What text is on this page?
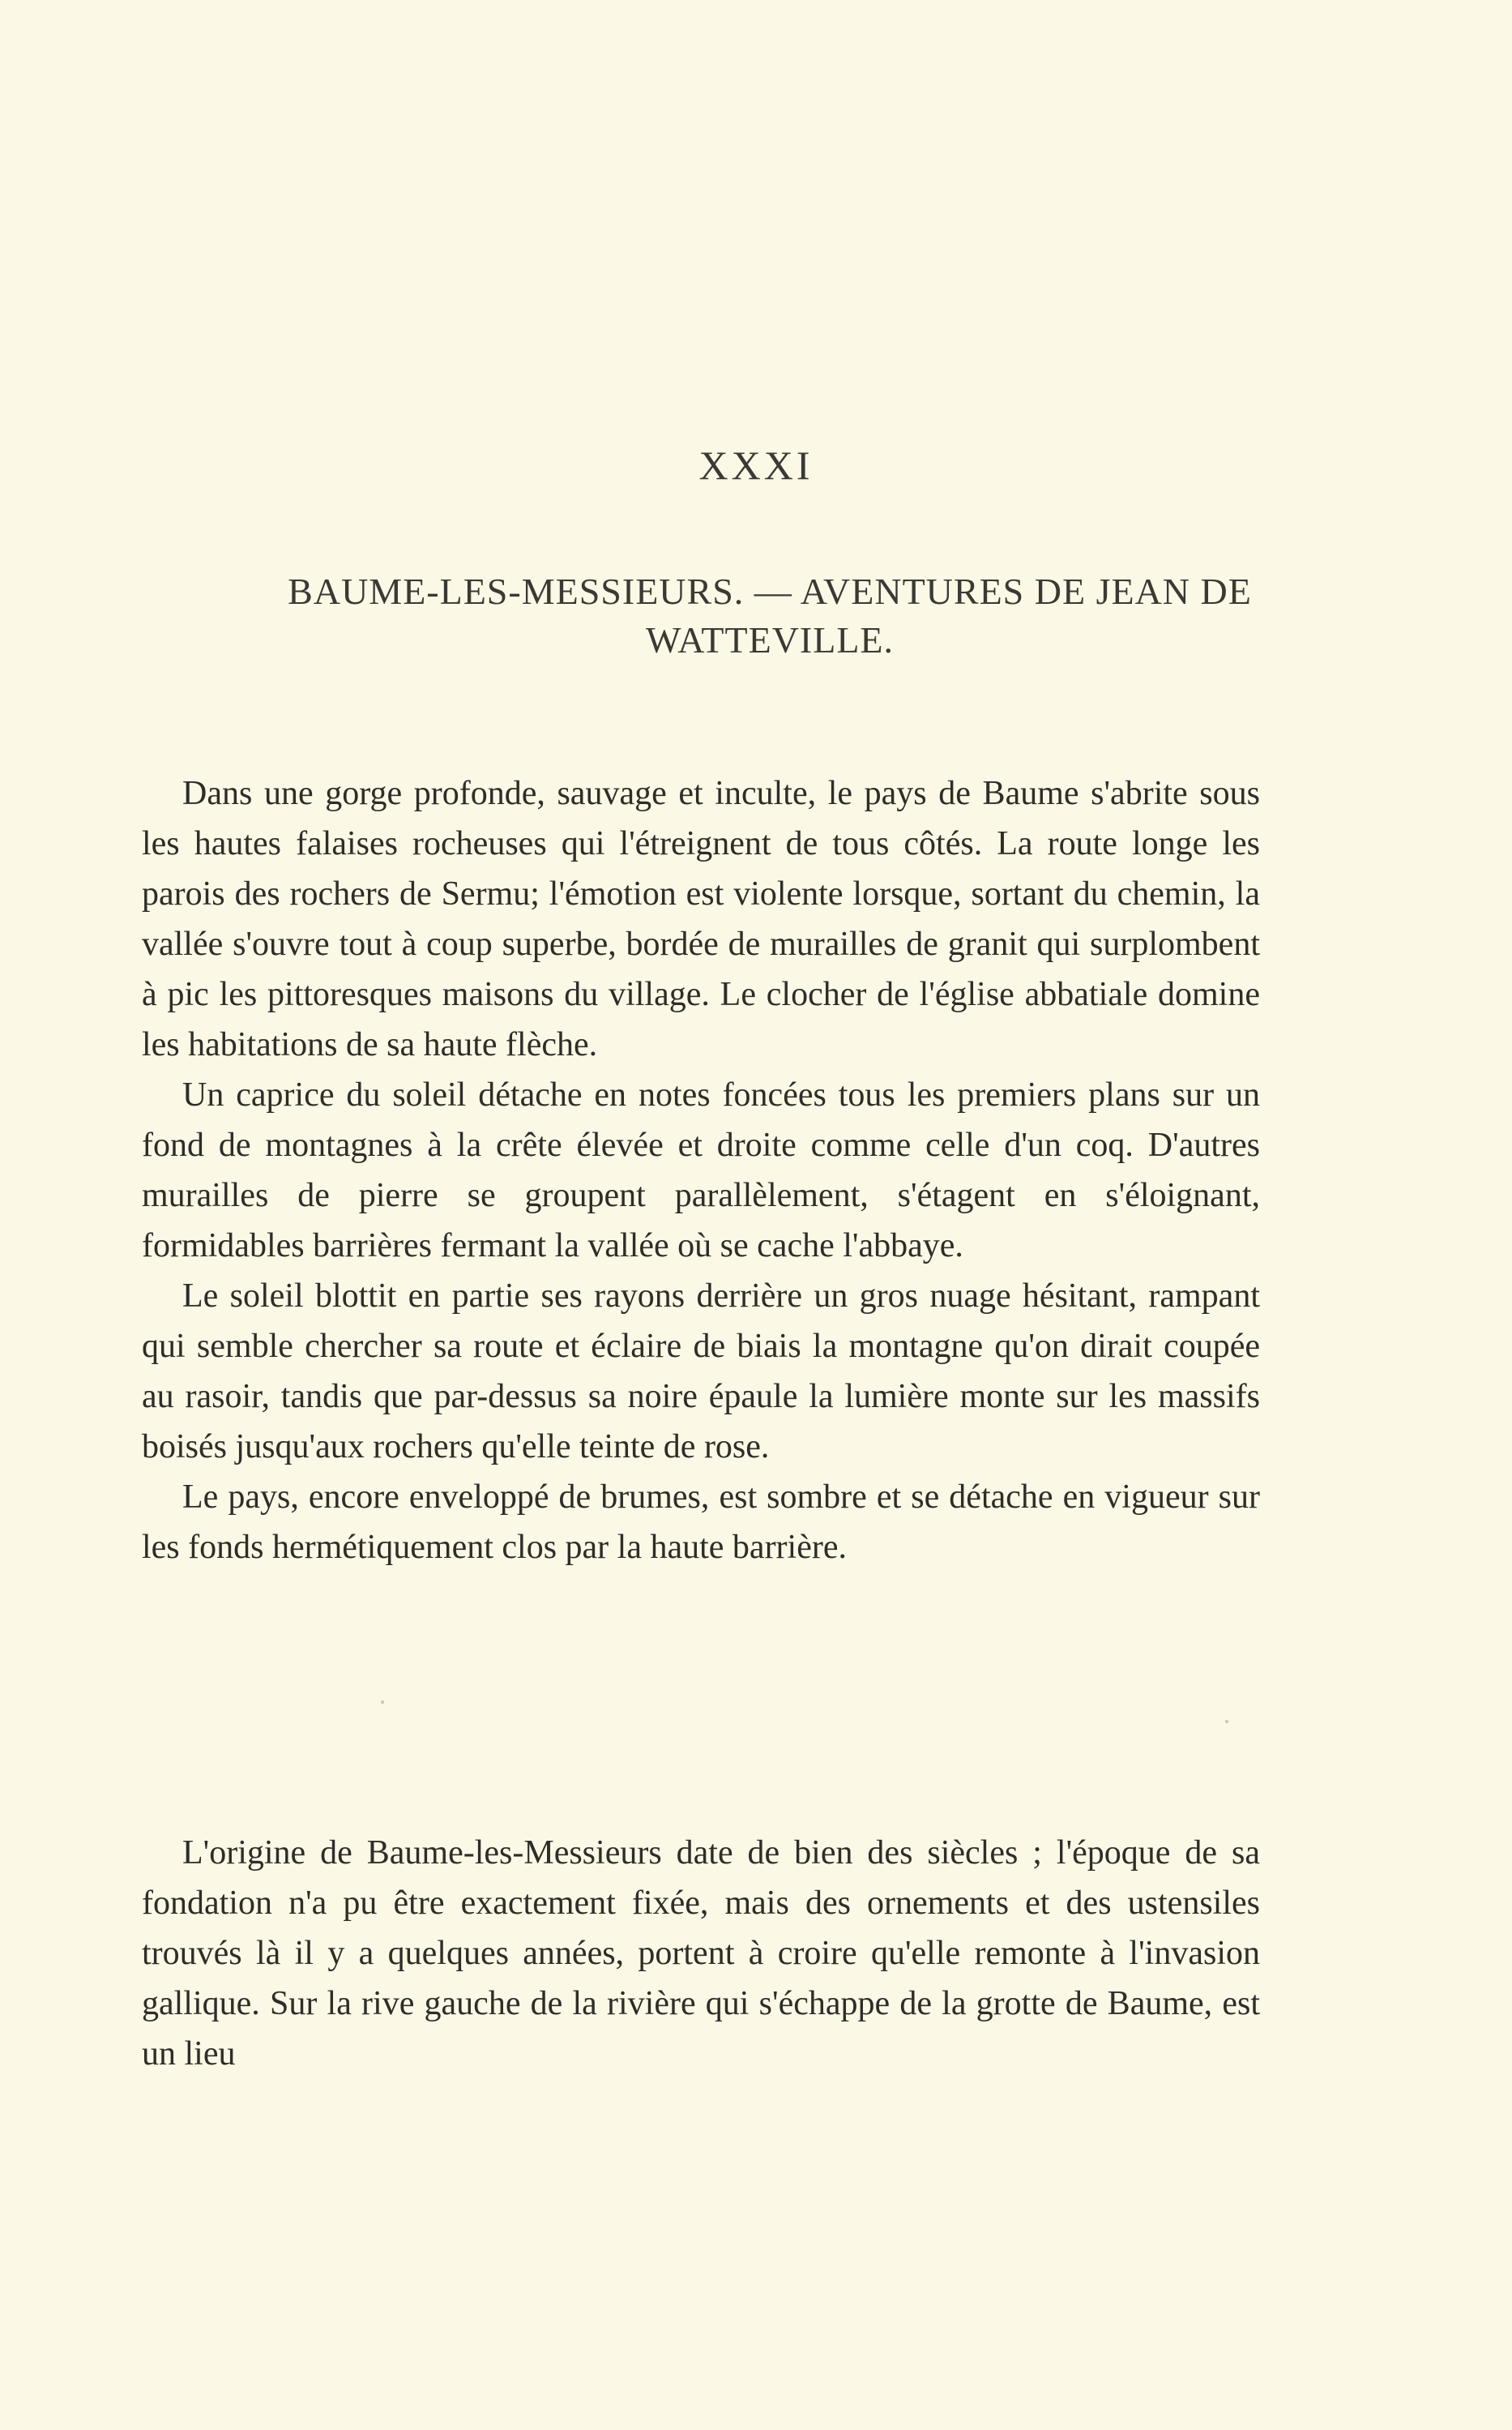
XXXI
BAUME-LES-MESSIEURS. — AVENTURES DE JEAN DE WATTEVILLE.

Dans une gorge profonde, sauvage et inculte, le pays de Baume s'abrite sous les hautes falaises rocheuses qui l'étreignent de tous côtés. La route longe les parois des rochers de Sermu; l'émotion est violente lorsque, sortant du chemin, la vallée s'ouvre tout à coup superbe, bordée de murailles de granit qui surplombent à pic les pittoresques maisons du village. Le clocher de l'église abbatiale domine les habitations de sa haute flèche.

Un caprice du soleil détache en notes foncées tous les premiers plans sur un fond de montagnes à la crête élevée et droite comme celle d'un coq. D'autres murailles de pierre se groupent parallèlement, s'étagent en s'éloignant, formidables barrières fermant la vallée où se cache l'abbaye.

Le soleil blottit en partie ses rayons derrière un gros nuage hésitant, rampant qui semble chercher sa route et éclaire de biais la montagne qu'on dirait coupée au rasoir, tandis que par-dessus sa noire épaule la lumière monte sur les massifs boisés jusqu'aux rochers qu'elle teinte de rose.

Le pays, encore enveloppé de brumes, est sombre et se détache en vigueur sur les fonds hermétiquement clos par la haute barrière.

L'origine de Baume-les-Messieurs date de bien des siècles ; l'époque de sa fondation n'a pu être exactement fixée, mais des ornements et des ustensiles trouvés là il y a quelques années, portent à croire qu'elle remonte à l'invasion gallique. Sur la rive gauche de la rivière qui s'échappe de la grotte de Baume, est un lieu
